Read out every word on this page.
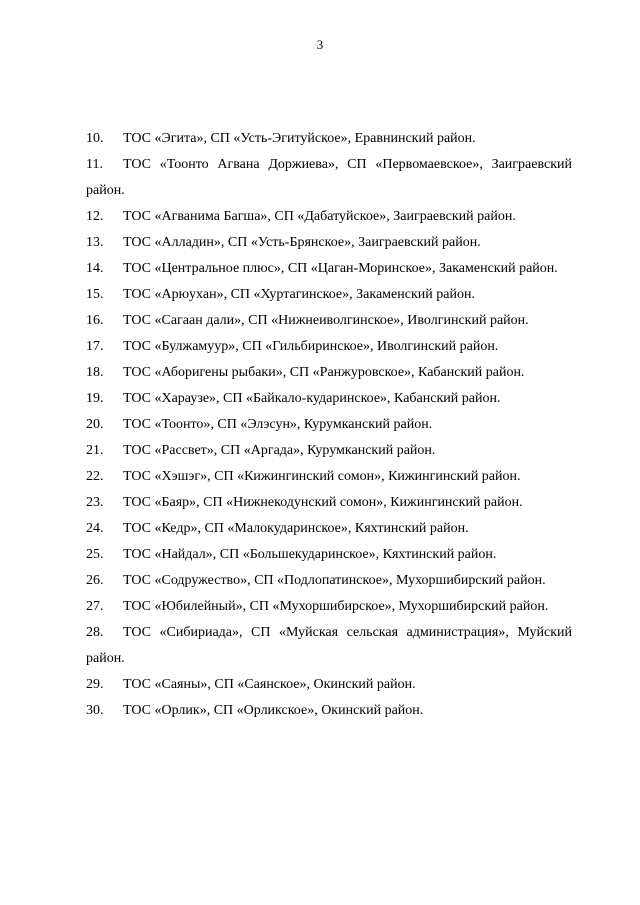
3
10. ТОС «Эгита», СП «Усть-Эгитуйское», Еравнинский район.
11. ТОС «Тоонто Агвана Доржиева», СП «Первомаевское», Заиграевский район.
12. ТОС «Агванима Багша», СП «Дабатуйское», Заиграевский район.
13. ТОС «Алладин», СП «Усть-Брянское», Заиграевский район.
14. ТОС «Центральное плюс», СП «Цаган-Моринское», Закаменский район.
15. ТОС «Арюухан», СП «Хуртагинское», Закаменский район.
16. ТОС «Сагаан дали», СП «Нижнеиволгинское», Иволгинский район.
17. ТОС «Булжамуур», СП «Гильбиринское», Иволгинский район.
18. ТОС «Аборигены рыбаки», СП «Ранжуровское», Кабанский район.
19. ТОС «Хараузе», СП «Байкало-кударинское», Кабанский район.
20. ТОС «Тоонто», СП «Элэсун», Курумканский район.
21. ТОС «Рассвет», СП «Аргада», Курумканский район.
22. ТОС «Хэшэг», СП «Кижингинский сомон», Кижингинский район.
23. ТОС «Баяр», СП «Нижнекодунский сомон», Кижингинский район.
24. ТОС «Кедр», СП «Малокударинское», Кяхтинский район.
25. ТОС «Найдал», СП «Большекударинское», Кяхтинский район.
26. ТОС «Содружество», СП «Подлопатинское», Мухоршибирский район.
27. ТОС «Юбилейный», СП «Мухоршибирское», Мухоршибирский район.
28. ТОС «Сибириада», СП «Муйская сельская администрация», Муйский район.
29. ТОС «Саяны», СП «Саянское», Окинский район.
30. ТОС «Орлик», СП «Орликское», Окинский район.
